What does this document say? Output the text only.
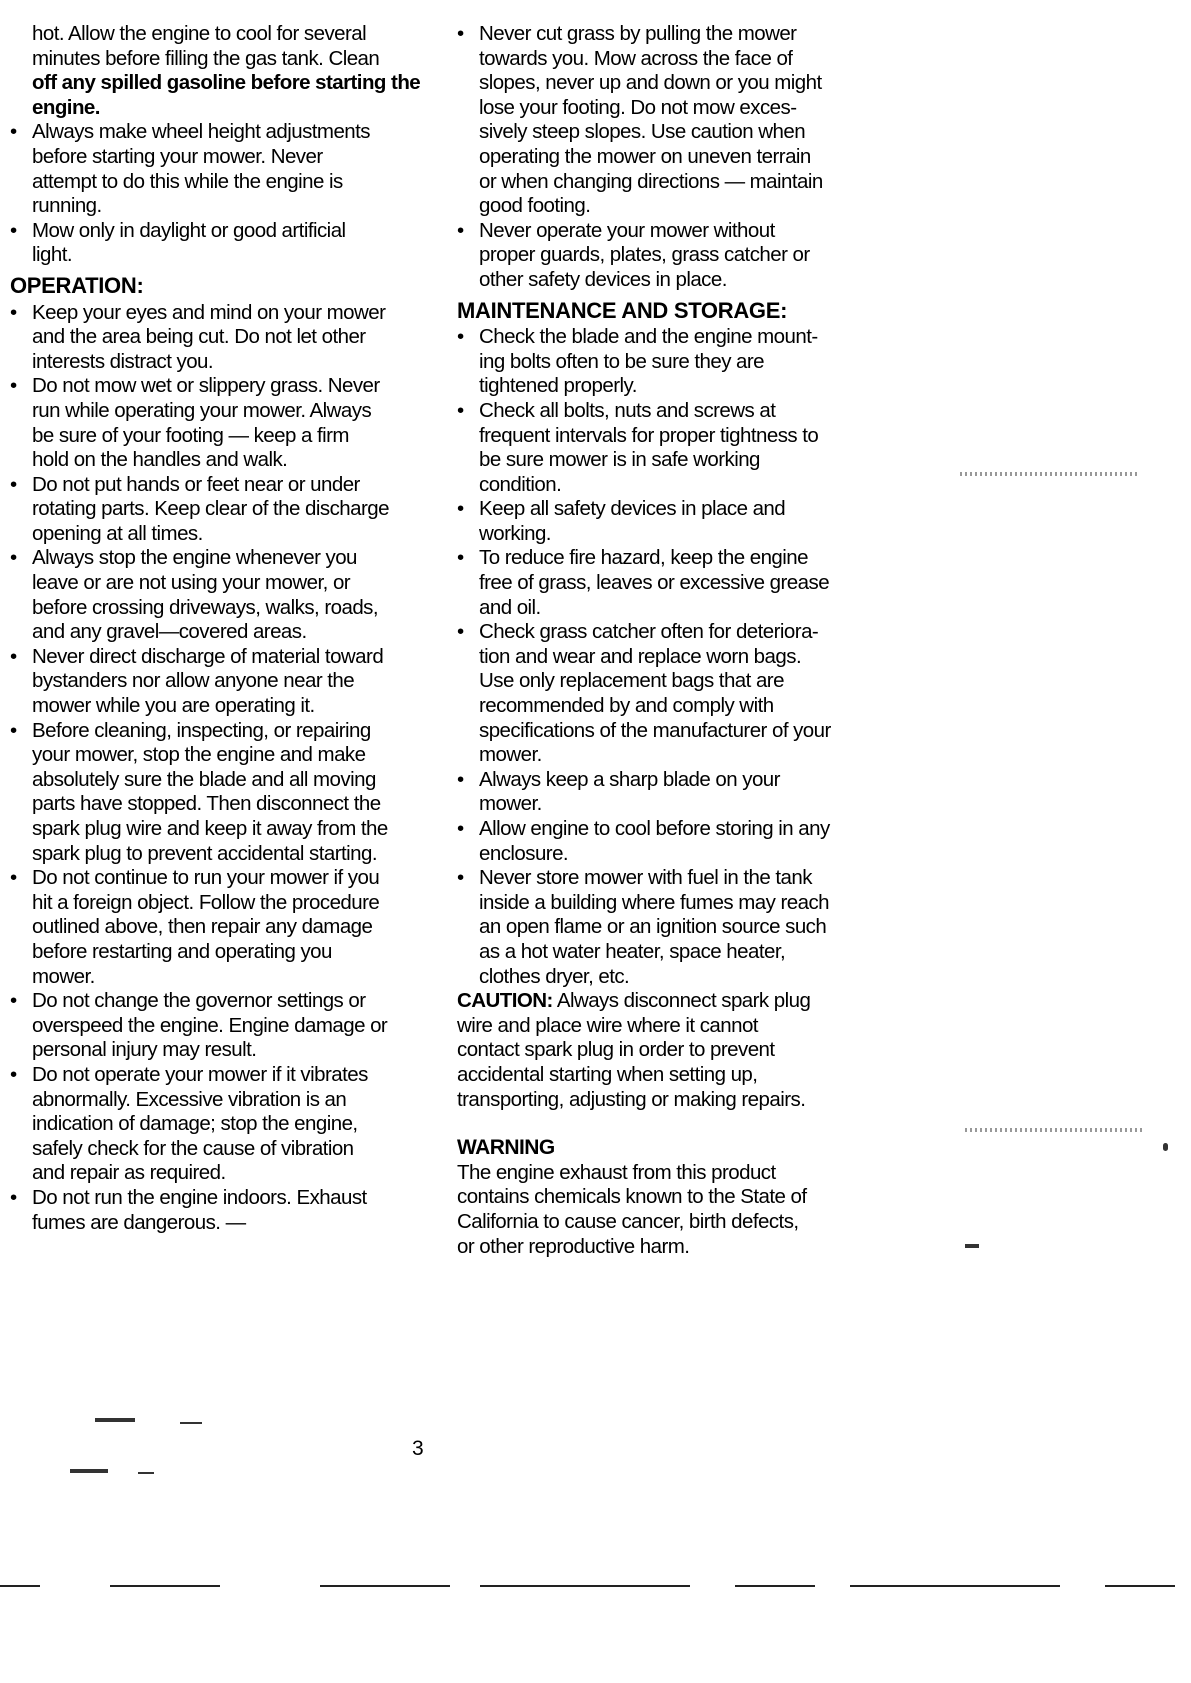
hot. Allow the engine to cool for several
minutes before filling the gas tank. Clean
off any spilled gasoline before starting the
engine.
• Always make wheel height adjustments
before starting your mower. Never
attempt to do this while the engine is
running.
• Mow only in daylight or good artificial
light.
OPERATION:
• Keep your eyes and mind on your mower
and the area being cut. Do not let other
interests distract you.
• Do not mow wet or slippery grass. Never
run while operating your mower. Always
be sure of your footing — keep a firm
hold on the handles and walk.
• Do not put hands or feet near or under
rotating parts. Keep clear of the discharge
opening at all times.
• Always stop the engine whenever you
leave or are not using your mower, or
before crossing driveways, walks, roads,
and any gravel—covered areas.
• Never direct discharge of material toward
bystanders nor allow anyone near the
mower while you are operating it.
• Before cleaning, inspecting, or repairing
your mower, stop the engine and make
absolutely sure the blade and all moving
parts have stopped. Then disconnect the
spark plug wire and keep it away from the
spark plug to prevent accidental starting.
• Do not continue to run your mower if you
hit a foreign object. Follow the procedure
outlined above, then repair any damage
before restarting and operating you
mower.
• Do not change the governor settings or
overspeed the engine. Engine damage or
personal injury may result.
• Do not operate your mower if it vibrates
abnormally. Excessive vibration is an
indication of damage; stop the engine,
safely check for the cause of vibration
and repair as required.
• Do not run the engine indoors. Exhaust
fumes are dangerous. —
• Never cut grass by pulling the mower
towards you. Mow across the face of
slopes, never up and down or you might
lose your footing. Do not mow exces-
sively steep slopes. Use caution when
operating the mower on uneven terrain
or when changing directions — maintain
good footing.
• Never operate your mower without
proper guards, plates, grass catcher or
other safety devices in place.
MAINTENANCE AND STORAGE:
• Check the blade and the engine mount-
ing bolts often to be sure they are
tightened properly.
• Check all bolts, nuts and screws at
frequent intervals for proper tightness to
be sure mower is in safe working
condition.
• Keep all safety devices in place and
working.
• To reduce fire hazard, keep the engine
free of grass, leaves or excessive grease
and oil.
• Check grass catcher often for deteriora-
tion and wear and replace worn bags.
Use only replacement bags that are
recommended by and comply with
specifications of the manufacturer of your
mower.
• Always keep a sharp blade on your
mower.
• Allow engine to cool before storing in any
enclosure.
• Never store mower with fuel in the tank
inside a building where fumes may reach
an open flame or an ignition source such
as a hot water heater, space heater,
clothes dryer, etc.
CAUTION: Always disconnect spark plug
wire and place wire where it cannot
contact spark plug in order to prevent
accidental starting when setting up,
transporting, adjusting or making repairs.
WARNING
The engine exhaust from this product
contains chemicals known to the State of
California to cause cancer, birth defects,
or other reproductive harm.
3
